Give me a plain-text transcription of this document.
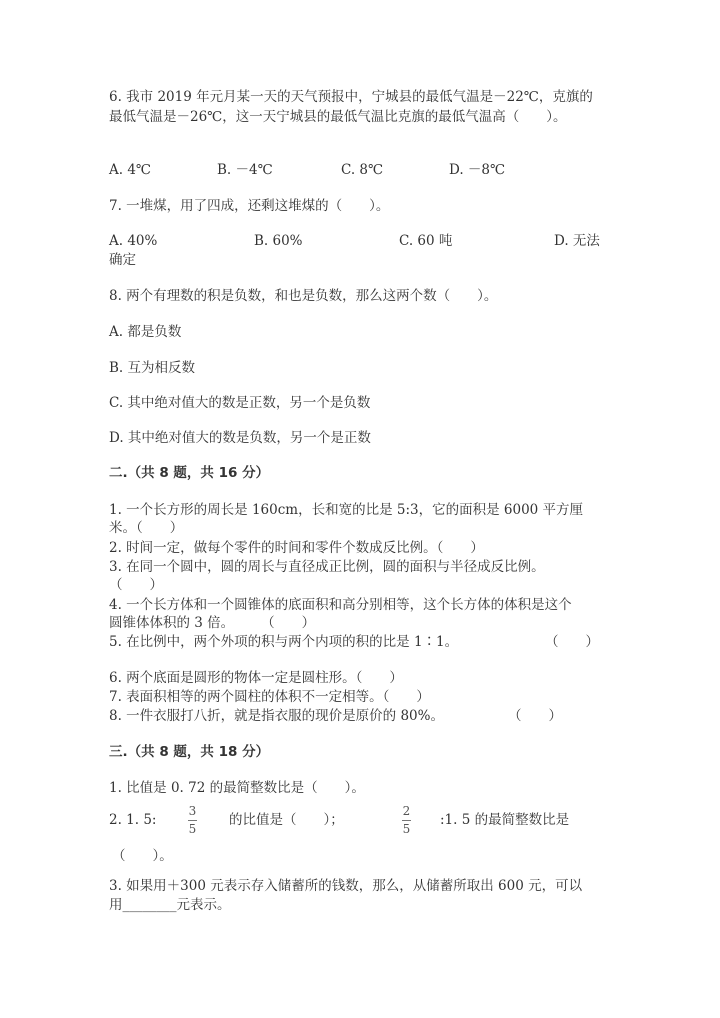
6. 我市 2019 年元月某一天的天气预报中，宁城县的最低气温是－22℃，克旗的
最低气温是－26℃，这一天宁城县的最低气温比克旗的最低气温高（　　）。
A. 4℃	B. －4℃	C. 8℃	D. －8℃
7. 一堆煤，用了四成，还剩这堆煤的（　　）。
A. 40%	B. 60%	C. 60 吨	D. 无法
确定
8. 两个有理数的积是负数，和也是负数，那么这两个数（　　）。
A. 都是负数
B. 互为相反数
C. 其中绝对值大的数是正数，另一个是负数
D. 其中绝对值大的数是负数，另一个是正数
二.（共 8 题，共 16 分）
1. 一个长方形的周长是 160cm，长和宽的比是 5:3，它的面积是 6000 平方厘
米。（　　）
2. 时间一定，做每个零件的时间和零件个数成反比例。（　　）
3. 在同一个圆中，圆的周长与直径成正比例，圆的面积与半径成反比例。
（　　）
4. 一个长方体和一个圆锥体的底面积和高分别相等，这个长方体的体积是这个
圆锥体体积的 3 倍。　　　（　　）
5. 在比例中，两个外项的积与两个内项的积的比是 1∶1。	（　　）
6. 两个底面是圆形的物体一定是圆柱形。（　　）
7. 表面积相等的两个圆柱的体积不一定相等。（　　）
8. 一件衣服打八折，就是指衣服的现价是原价的 80%。	（　　）
三.（共 8 题，共 18 分）
1. 比值是 0. 72 的最简整数比是（　　）。
2. 1. 5:
3
5
的比值是（　　）；
2
5
:1. 5 的最简整数比是
（　　）。
3. 如果用＋300 元表示存入储蓄所的钱数，那么，从储蓄所取出 600 元，可以
用________元表示。
